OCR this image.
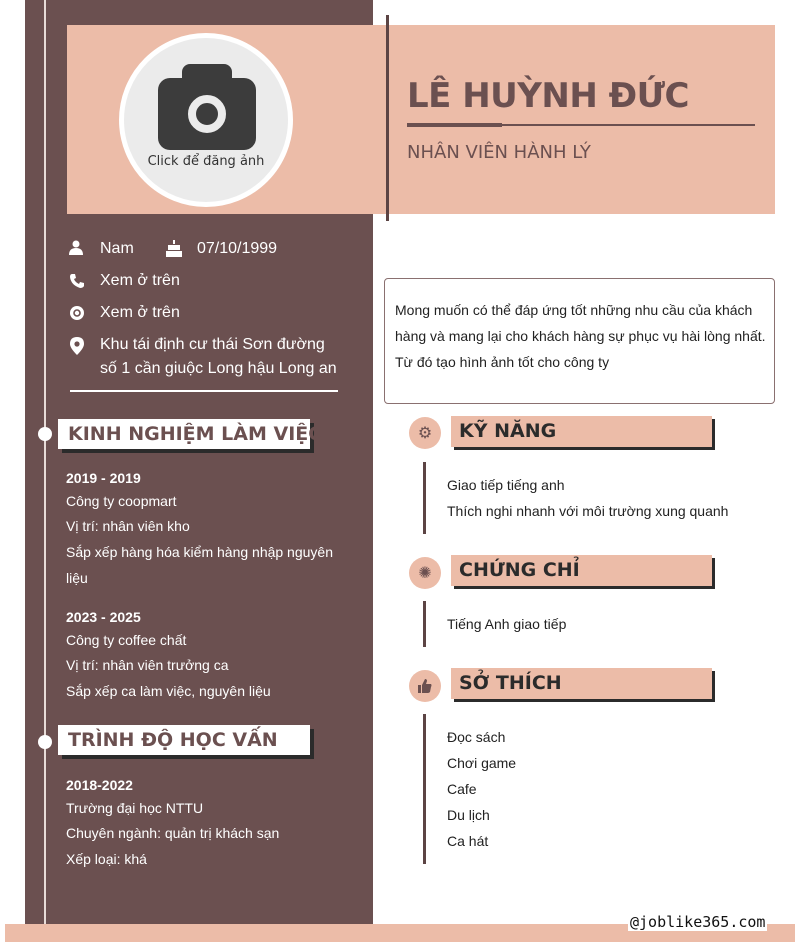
Click để đăng ảnh
LÊ HUỲNH ĐỨC
NHÂN VIÊN HÀNH LÝ
Nam	07/10/1999
Xem ở trên
Xem ở trên
Khu tái định cư thái Sơn đường
số 1 cần giuộc Long hậu Long an
KINH NGHIỆM LÀM VIỆC
2019 - 2019
Công ty coopmart
Vị trí: nhân viên kho
Sắp xếp hàng hóa kiểm hàng nhập nguyên
liệu
2023 - 2025
Công ty coffee chất
Vị trí: nhân viên trưởng ca
Sắp xếp ca làm việc, nguyên liệu
TRÌNH ĐỘ HỌC VẤN
2018-2022
Trường đại học NTTU
Chuyên ngành: quản trị khách sạn
Xếp loại: khá

Mong muốn có thể đáp ứng tốt những nhu cầu của khách hàng và mang lại cho khách hàng sự phục vụ hài lòng nhất. Từ đó tạo hình ảnh tốt cho công ty

⚙	KỸ NĂNG
Giao tiếp tiếng anh
Thích nghi nhanh với môi trường xung quanh
✺	CHỨNG CHỈ
Tiếng Anh giao tiếp
SỞ THÍCH
Đọc sách
Chơi game
Cafe
Du lịch
Ca hát
@joblike365.com
